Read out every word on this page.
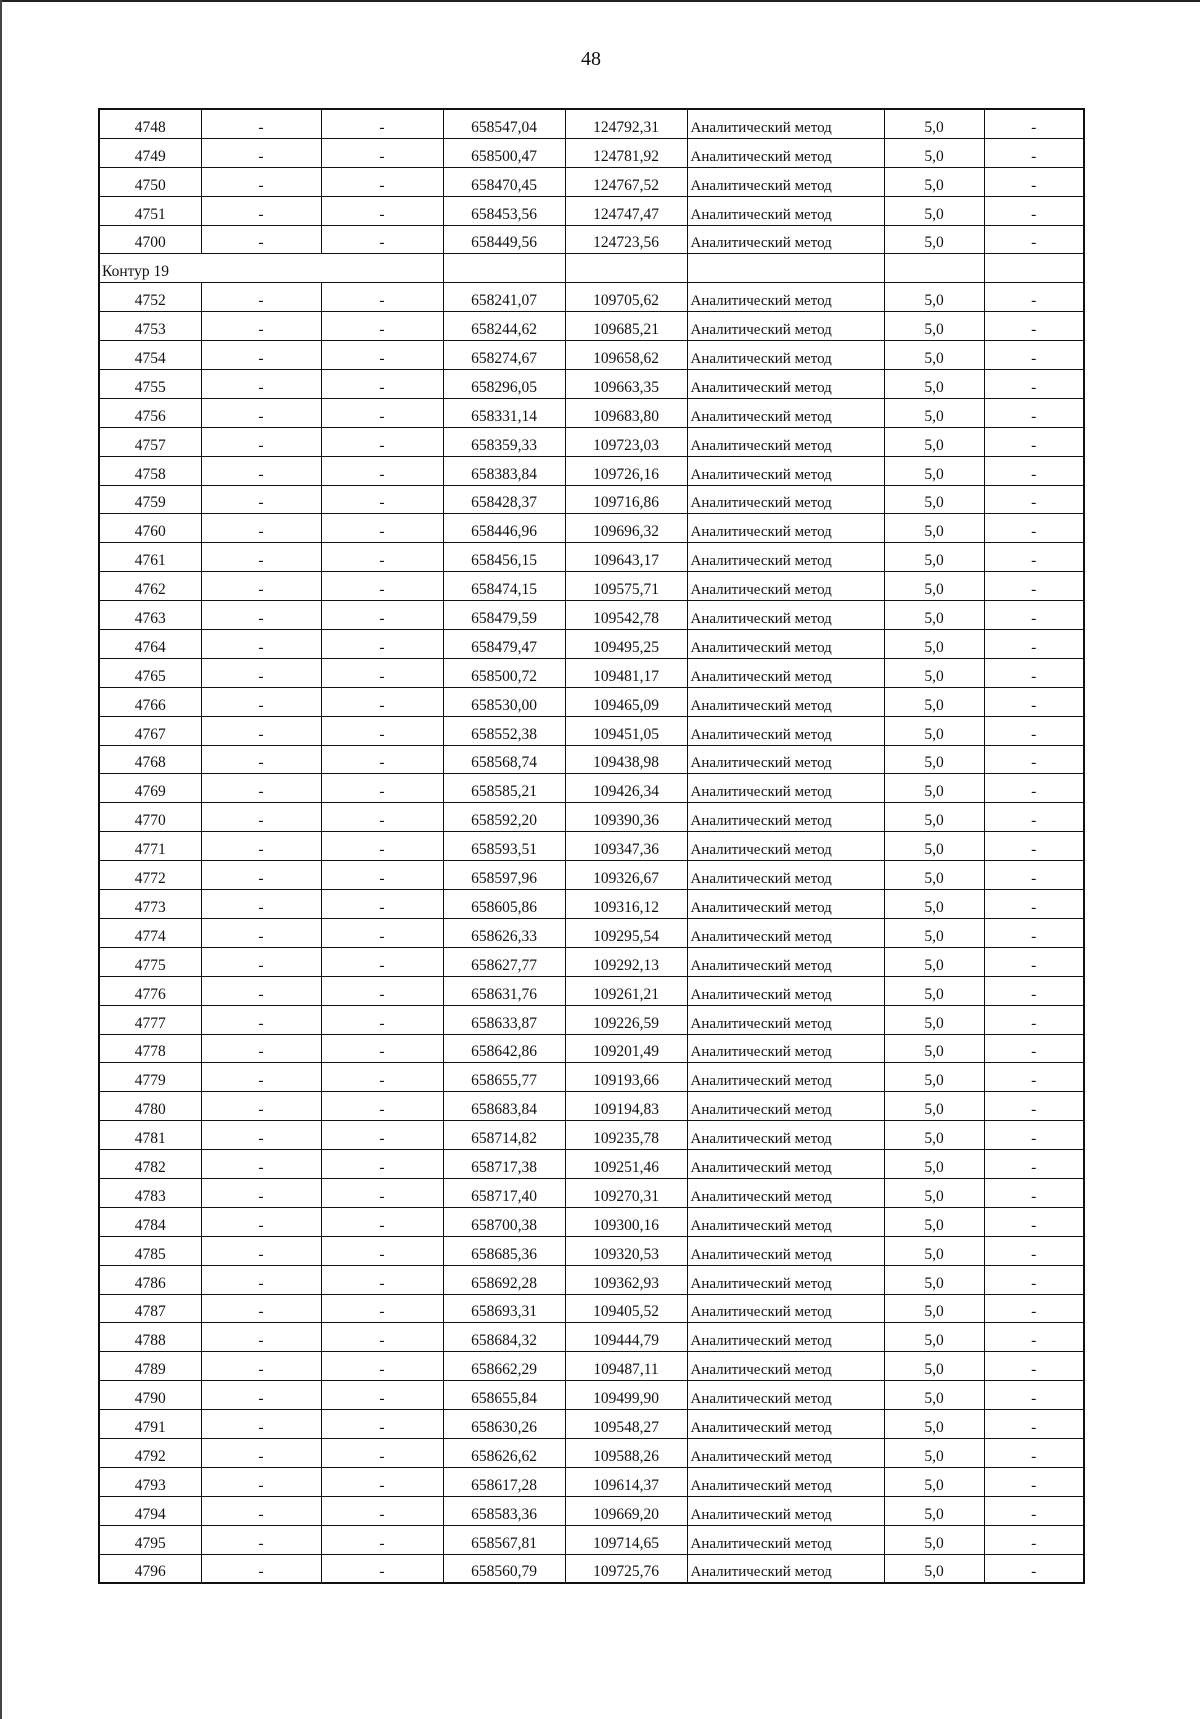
48
4748	-	-	658547,04	124792,31	Аналитический метод	5,0	-
4749	-	-	658500,47	124781,92	Аналитический метод	5,0	-
4750	-	-	658470,45	124767,52	Аналитический метод	5,0	-
4751	-	-	658453,56	124747,47	Аналитический метод	5,0	-
4700	-	-	658449,56	124723,56	Аналитический метод	5,0	-
Контур 19							
4752	-	-	658241,07	109705,62	Аналитический метод	5,0	-
4753	-	-	658244,62	109685,21	Аналитический метод	5,0	-
4754	-	-	658274,67	109658,62	Аналитический метод	5,0	-
4755	-	-	658296,05	109663,35	Аналитический метод	5,0	-
4756	-	-	658331,14	109683,80	Аналитический метод	5,0	-
4757	-	-	658359,33	109723,03	Аналитический метод	5,0	-
4758	-	-	658383,84	109726,16	Аналитический метод	5,0	-
4759	-	-	658428,37	109716,86	Аналитический метод	5,0	-
4760	-	-	658446,96	109696,32	Аналитический метод	5,0	-
4761	-	-	658456,15	109643,17	Аналитический метод	5,0	-
4762	-	-	658474,15	109575,71	Аналитический метод	5,0	-
4763	-	-	658479,59	109542,78	Аналитический метод	5,0	-
4764	-	-	658479,47	109495,25	Аналитический метод	5,0	-
4765	-	-	658500,72	109481,17	Аналитический метод	5,0	-
4766	-	-	658530,00	109465,09	Аналитический метод	5,0	-
4767	-	-	658552,38	109451,05	Аналитический метод	5,0	-
4768	-	-	658568,74	109438,98	Аналитический метод	5,0	-
4769	-	-	658585,21	109426,34	Аналитический метод	5,0	-
4770	-	-	658592,20	109390,36	Аналитический метод	5,0	-
4771	-	-	658593,51	109347,36	Аналитический метод	5,0	-
4772	-	-	658597,96	109326,67	Аналитический метод	5,0	-
4773	-	-	658605,86	109316,12	Аналитический метод	5,0	-
4774	-	-	658626,33	109295,54	Аналитический метод	5,0	-
4775	-	-	658627,77	109292,13	Аналитический метод	5,0	-
4776	-	-	658631,76	109261,21	Аналитический метод	5,0	-
4777	-	-	658633,87	109226,59	Аналитический метод	5,0	-
4778	-	-	658642,86	109201,49	Аналитический метод	5,0	-
4779	-	-	658655,77	109193,66	Аналитический метод	5,0	-
4780	-	-	658683,84	109194,83	Аналитический метод	5,0	-
4781	-	-	658714,82	109235,78	Аналитический метод	5,0	-
4782	-	-	658717,38	109251,46	Аналитический метод	5,0	-
4783	-	-	658717,40	109270,31	Аналитический метод	5,0	-
4784	-	-	658700,38	109300,16	Аналитический метод	5,0	-
4785	-	-	658685,36	109320,53	Аналитический метод	5,0	-
4786	-	-	658692,28	109362,93	Аналитический метод	5,0	-
4787	-	-	658693,31	109405,52	Аналитический метод	5,0	-
4788	-	-	658684,32	109444,79	Аналитический метод	5,0	-
4789	-	-	658662,29	109487,11	Аналитический метод	5,0	-
4790	-	-	658655,84	109499,90	Аналитический метод	5,0	-
4791	-	-	658630,26	109548,27	Аналитический метод	5,0	-
4792	-	-	658626,62	109588,26	Аналитический метод	5,0	-
4793	-	-	658617,28	109614,37	Аналитический метод	5,0	-
4794	-	-	658583,36	109669,20	Аналитический метод	5,0	-
4795	-	-	658567,81	109714,65	Аналитический метод	5,0	-
4796	-	-	658560,79	109725,76	Аналитический метод	5,0	-
